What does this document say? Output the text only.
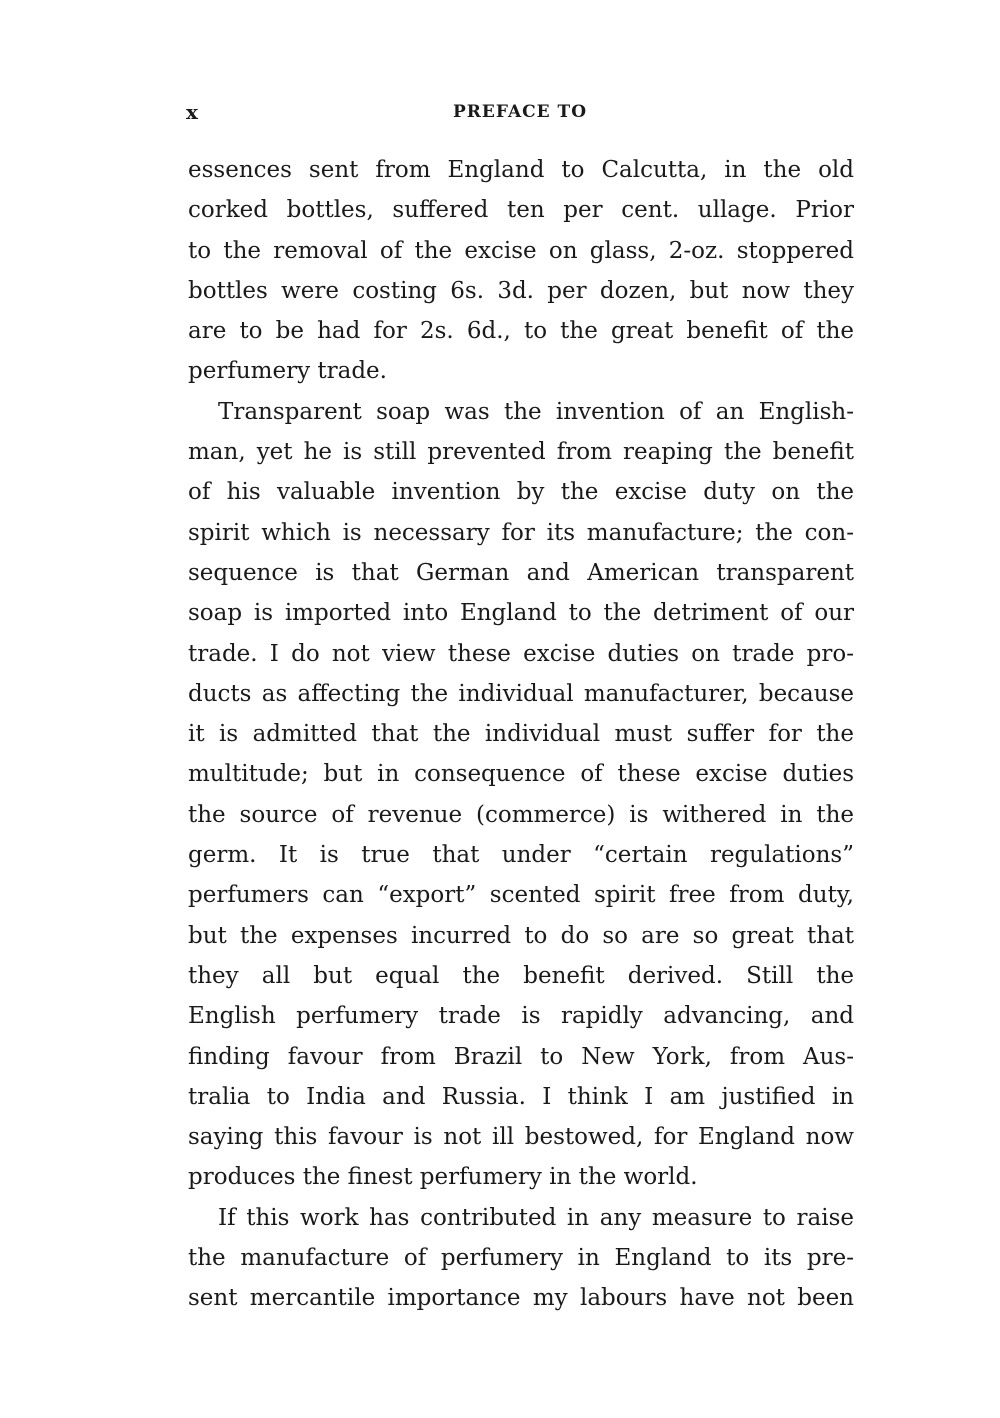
x	PREFACE TO
essences sent from England to Calcutta, in the old
corked bottles, suffered ten per cent. ullage. Prior
to the removal of the excise on glass, 2-oz. stoppered
bottles were costing 6s. 3d. per dozen, but now they
are to be had for 2s. 6d., to the great benefit of the
perfumery trade.
Transparent soap was the invention of an English-
man, yet he is still prevented from reaping the benefit
of his valuable invention by the excise duty on the
spirit which is necessary for its manufacture; the con-
sequence is that German and American transparent
soap is imported into England to the detriment of our
trade. I do not view these excise duties on trade pro-
ducts as affecting the individual manufacturer, because
it is admitted that the individual must suffer for the
multitude; but in consequence of these excise duties
the source of revenue (commerce) is withered in the
germ. It is true that under “certain regulations”
perfumers can “export” scented spirit free from duty,
but the expenses incurred to do so are so great that
they all but equal the benefit derived. Still the
English perfumery trade is rapidly advancing, and
finding favour from Brazil to New York, from Aus-
tralia to India and Russia. I think I am justified in
saying this favour is not ill bestowed, for England now
produces the finest perfumery in the world.
If this work has contributed in any measure to raise
the manufacture of perfumery in England to its pre-
sent mercantile importance my labours have not been
